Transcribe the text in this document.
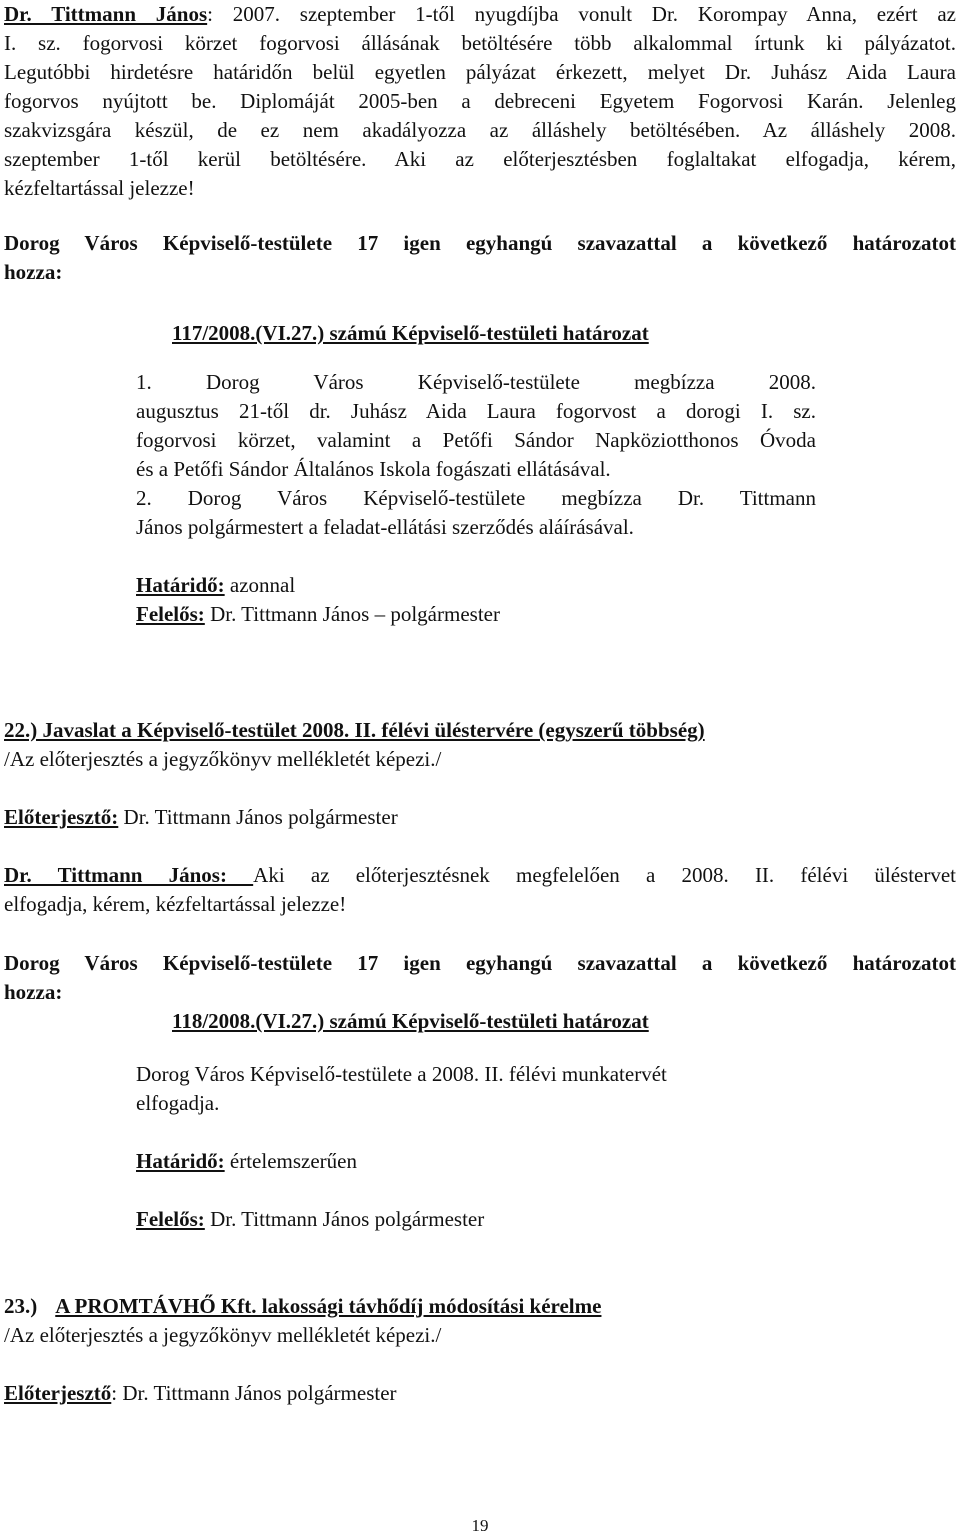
Dr. Tittmann János: 2007. szeptember 1-től nyugdíjba vonult Dr. Korompay Anna, ezért az
I. sz. fogorvosi körzet fogorvosi állásának betöltésére több alkalommal írtunk ki pályázatot.
Legutóbbi hirdetésre határidőn belül egyetlen pályázat érkezett, melyet Dr. Juhász Aida Laura
fogorvos nyújtott be. Diplomáját 2005-ben a debreceni Egyetem Fogorvosi Karán. Jelenleg
szakvizsgára készül, de ez nem akadályozza az álláshely betöltésében. Az álláshely 2008.
szeptember 1-től kerül betöltésére. Aki az előterjesztésben foglaltakat elfogadja, kérem,
kézfeltartással jelezze!
Dorog Város Képviselő-testülete 17 igen egyhangú szavazattal a következő határozatot
hozza:
117/2008.(VI.27.) számú Képviselő-testületi határozat
1. Dorog Város Képviselő-testülete megbízza 2008.
augusztus 21-től dr. Juhász Aida Laura fogorvost a dorogi I. sz.
fogorvosi körzet, valamint a Petőfi Sándor Napköziotthonos Óvoda
és a Petőfi Sándor Általános Iskola fogászati ellátásával.
2. Dorog Város Képviselő-testülete megbízza Dr. Tittmann
János polgármestert a feladat-ellátási szerződés aláírásával.
Határidő: azonnal
Felelős: Dr. Tittmann János – polgármester
22.) Javaslat a Képviselő-testület 2008. II. félévi üléstervére (egyszerű többség)
/Az előterjesztés a jegyzőkönyv mellékletét képezi./
Előterjesztő: Dr. Tittmann János polgármester
Dr. Tittmann János: Aki az előterjesztésnek megfelelően a 2008. II. félévi üléstervet
elfogadja, kérem, kézfeltartással jelezze!
Dorog Város Képviselő-testülete 17 igen egyhangú szavazattal a következő határozatot
hozza:
118/2008.(VI.27.) számú Képviselő-testületi határozat
Dorog Város Képviselő-testülete a 2008. II. félévi munkatervét
elfogadja.
Határidő: értelemszerűen
Felelős: Dr. Tittmann János polgármester
23.) A PROMTÁVHŐ Kft. lakossági távhődíj módosítási kérelme
/Az előterjesztés a jegyzőkönyv mellékletét képezi./
Előterjesztő: Dr. Tittmann János polgármester
19
